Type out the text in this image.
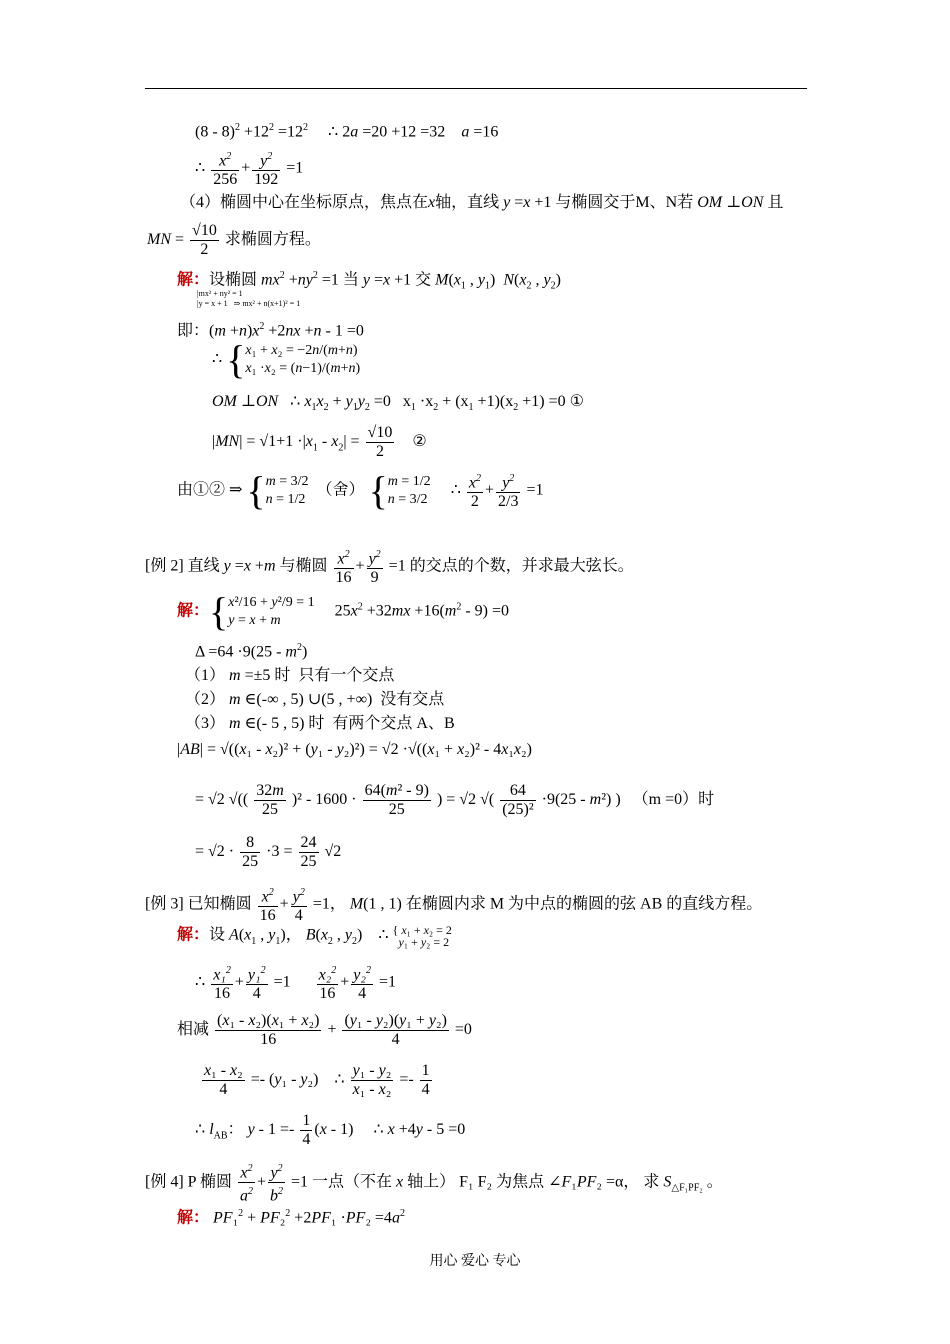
$(8 - 8)^2 +12^2 =12^2$     ∴ 2a =20 +12 =32    a =16
∴ $\frac{x^2}{256} + \frac{y^2}{192} =1$
（4）椭圆中心在坐标原点，焦点在x轴，直线 y =x +1 与椭圆交于M、N若 OM ⊥ON 且
MN = $\frac{√10}{2}$ 求椭圆方程。
解：设椭圆 $mx^2 +ny^2 =1$ 当 y =x +1 交 $M(x_1$ , $y_1$)  $N(x_2$ , $y_2$)
|mx² + ny² = 1
|y = x + 1   ⇒ mx² + n(x+1)² = 1
即：$(m +n)x^2 +2nx +n - 1 =0$
∴ {x₁ + x₂ = −2n/(m+n)
x₁ ·x₂ = (n−1)/(m+n)
OM ⊥ON   ∴ $x_1x_2 + y_1y_2 =0$   $x_1 \cdot x_2 + (x_1 +1)(x_2 +1) =0$ ①
$|MN| = √1+1 \cdot|x_1 - x_2| = \frac{√10}{2}$ ②
由①② ⇒ {m = 3/2
n = 1/2  （舍） {m = 1/2
n = 3/2     ∴ $\frac{x^2}{2} + \frac{y^2}{2/3} =1$
[例 2] 直线 y =x +m 与椭圆 $\frac{x^2}{16} + \frac{y^2}{9} =1$ 的交点的个数，并求最大弦长。
解：{x²/16 + y²/9 = 1
y = x + m     $25x^2 +32mx +16(m^2 - 9) =0$
$\Delta =64 \cdot 9(25 - m^2)$
（1） m =±5 时  只有一个交点
（2） m ∈(-∞ , 5) ∪(5 , +∞)  没有交点
（3） m ∈(- 5 , 5) 时  有两个交点 A、B
|AB| = √((x₁ - x₂)² + (y₁ - y₂)²) = √2 ·√((x₁ + x₂)² - 4x₁x₂)
= √2 √(( $\frac{32m}{25} )^2 - 1600 \cdot \frac{\text{64(m² - 9)}}{25}$ ) = √2 √( $\frac{64}{\text{(25)²}} \cdot 9(25 - m^2)$ )   （m =0）时
= $√2 \cdot \frac{8}{25} \cdot 3 = \frac{24}{25} √2$
[例 3] 已知椭圆 $\frac{x^2}{16} + \frac{y^2}{4} =1$， M(1 , 1) 在椭圆内求 M 为中点的椭圆的弦 AB 的直线方程。
解：设 $A(x_1$ , $y_1$)， $B(x_2$ , $y_2$)    ∴ { x₁ + x₂ = 2
y₁ + y₂ = 2
∴ $\frac{x_1^2}{16} + \frac{y_1^2}{4} =1 \frac{x_2^2}{16} + \frac{y_2^2}{4} =1$
相减 $\frac{\text{(x₁ - x₂)(x₁ + x₂)}}{16} + \frac{\text{(y₁ - y₂)(y₁ + y₂)}}{4} =0$
$\frac{\text{x₁ - x₂}}{4} =- (y_1 - y_2)$    ∴ $\frac{\text{y₁ - y₂}}{\text{x₁ - x₂}} =- \frac{1}{4}$
∴ $l_{AB}$： $y - 1 =- \frac{1}{4} (x - 1)$     ∴ x +4y - 5 =0
[例 4] P 椭圆 $\frac{x^2}{a^2} + \frac{y^2}{b^2} =1$ 一点（不在 x 轴上） F₁ F₂ 为焦点 ∠F₁PF₂ =α， 求 $S_{\triangle F_1PF_2}$ 。
解： $PF_1^2 + PF_2^2 +2PF_1 \cdot PF_2 =4a^2$
用心 爱心 专心
